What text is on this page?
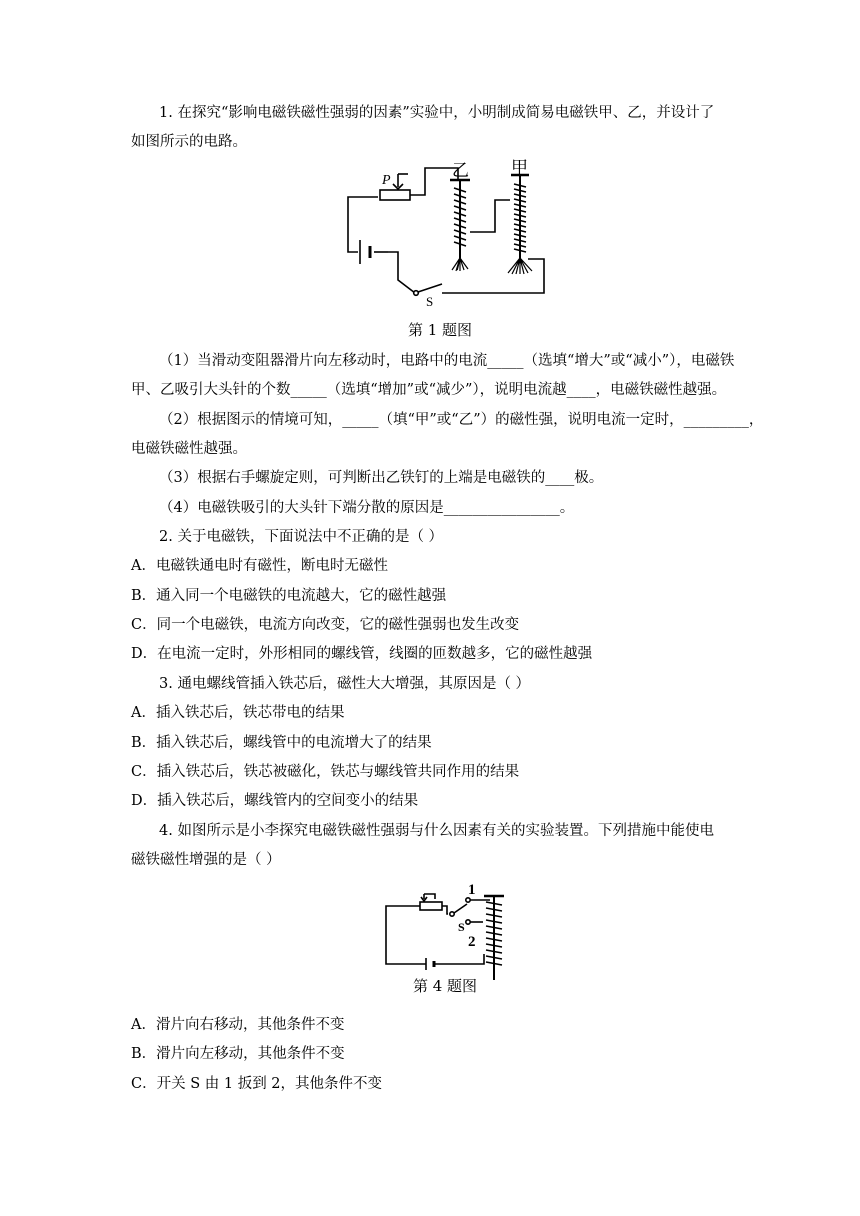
1. 在探究“影响电磁铁磁性强弱的因素”实验中，小明制成简易电磁铁甲、乙，并设计了
如图所示的电路。
P	乙 甲
S
第 1 题图
（1）当滑动变阻器滑片向左移动时，电路中的电流_____（选填“增大”或“减小”），电磁铁
甲、乙吸引大头针的个数_____（选填“增加”或“减少”），说明电流越____，电磁铁磁性越强。
（2）根据图示的情境可知，_____（填“甲”或“乙”）的磁性强，说明电流一定时，_________，
电磁铁磁性越强。
（3）根据右手螺旋定则，可判断出乙铁钉的上端是电磁铁的____极。
（4）电磁铁吸引的大头针下端分散的原因是________________。
2. 关于电磁铁，下面说法中不正确的是（ ）
A．电磁铁通电时有磁性，断电时无磁性
B．通入同一个电磁铁的电流越大，它的磁性越强
C．同一个电磁铁，电流方向改变，它的磁性强弱也发生改变
D．在电流一定时，外形相同的螺线管，线圈的匝数越多，它的磁性越强
3. 通电螺线管插入铁芯后，磁性大大增强，其原因是（ ）
A．插入铁芯后，铁芯带电的结果
B．插入铁芯后，螺线管中的电流增大了的结果
C．插入铁芯后，铁芯被磁化，铁芯与螺线管共同作用的结果
D．插入铁芯后，螺线管内的空间变小的结果
4. 如图所示是小李探究电磁铁磁性强弱与什么因素有关的实验装置。下列措施中能使电
磁铁磁性增强的是（ ）
1
S
2
第 4 题图
A．滑片向右移动，其他条件不变
B．滑片向左移动，其他条件不变
C．开关 S 由 1 扳到 2，其他条件不变
